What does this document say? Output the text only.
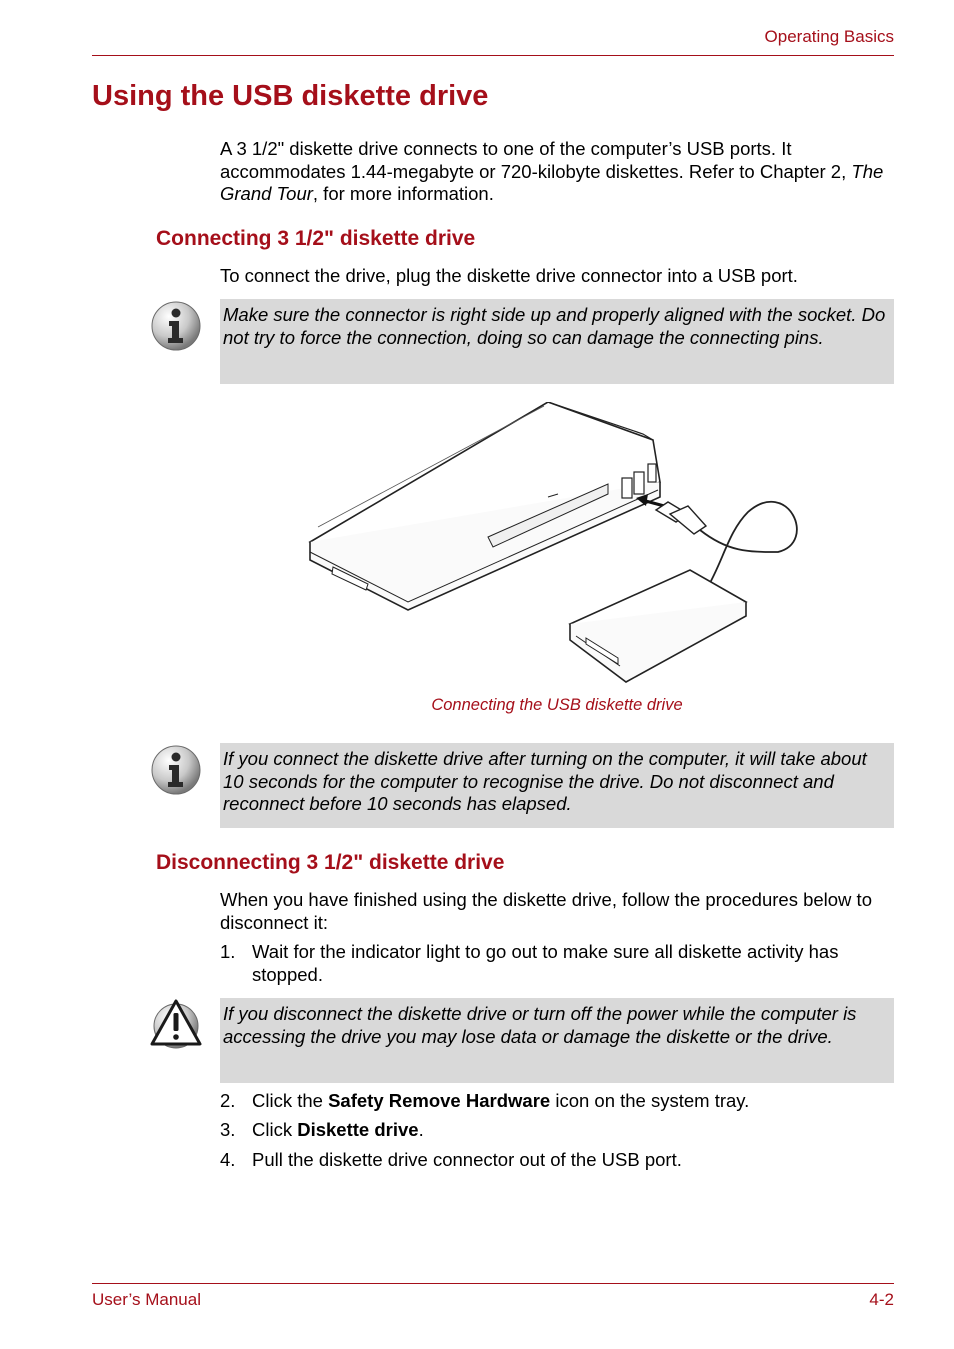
Operating Basics
Using the USB diskette drive
A 3 1/2" diskette drive connects to one of the computer’s USB ports. It accommodates 1.44-megabyte or 720-kilobyte diskettes. Refer to Chapter 2, The Grand Tour, for more information.
Connecting 3 1/2" diskette drive
To connect the drive, plug the diskette drive connector into a USB port.
Make sure the connector is right side up and properly aligned with the socket. Do not try to force the connection, doing so can damage the connecting pins.
Connecting the USB diskette drive
If you connect the diskette drive after turning on the computer, it will take about 10 seconds for the computer to recognise the drive. Do not disconnect and reconnect before 10 seconds has elapsed.
Disconnecting 3 1/2" diskette drive
When you have finished using the diskette drive, follow the procedures below to disconnect it:
1. Wait for the indicator light to go out to make sure all diskette activity has stopped.
If you disconnect the diskette drive or turn off the power while the computer is accessing the drive you may lose data or damage the diskette or the drive.
2. Click the Safety Remove Hardware icon on the system tray.
3. Click Diskette drive.
4. Pull the diskette drive connector out of the USB port.
User’s Manual	4-2
